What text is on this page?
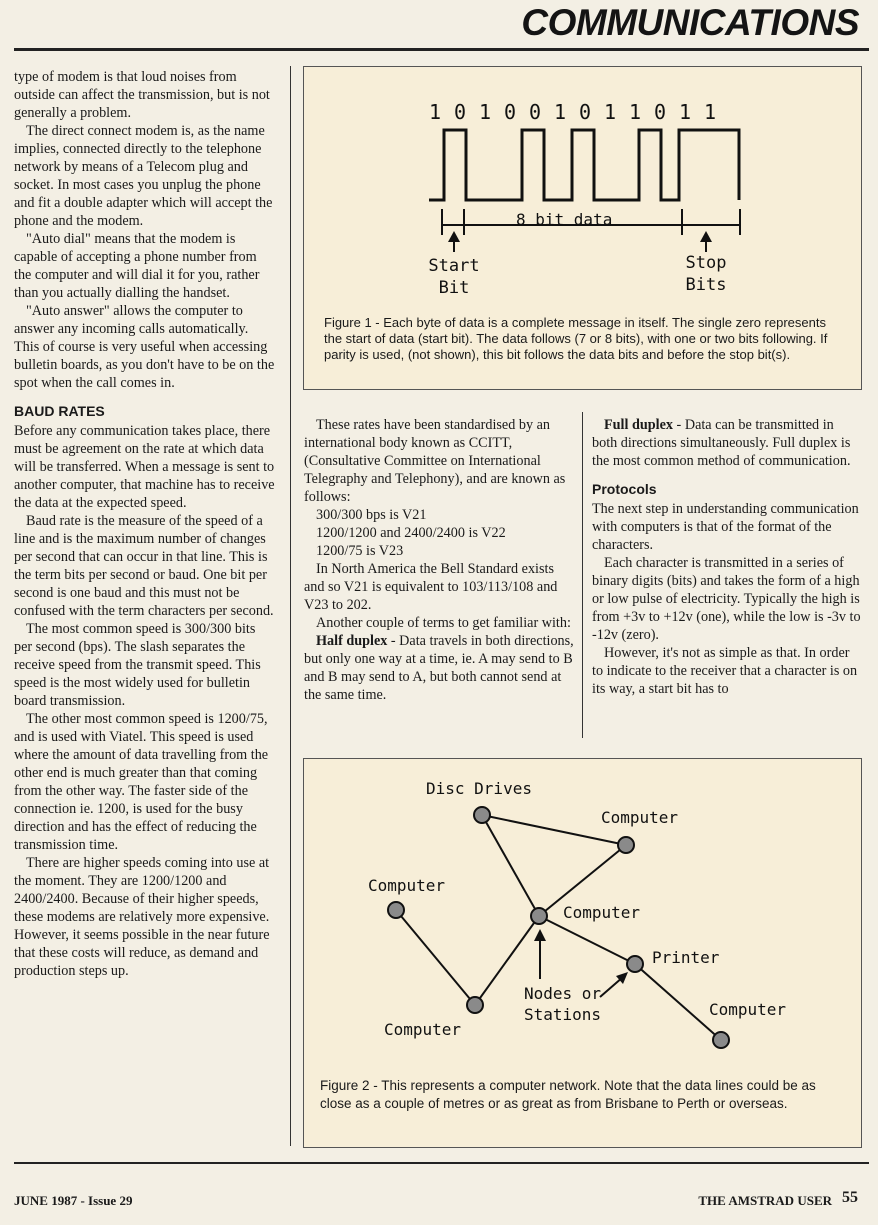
COMMUNICATIONS

type of modem is that loud noises from outside can affect the transmission, but is not generally a problem.

The direct connect modem is, as the name implies, connected directly to the telephone network by means of a Telecom plug and socket. In most cases you unplug the phone and fit a double adapter which will accept the phone and the modem.

"Auto dial" means that the modem is capable of accepting a phone number from the computer and will dial it for you, rather than you actually dialling the handset.

"Auto answer" allows the computer to answer any incoming calls automatically. This of course is very useful when accessing bulletin boards, as you don't have to be on the spot when the call comes in.

BAUD RATES

Before any communication takes place, there must be agreement on the rate at which data will be transferred. When a message is sent to another computer, that machine has to receive the data at the expected speed.

Baud rate is the measure of the speed of a line and is the maximum number of changes per second that can occur in that line. This is the term bits per second or baud. One bit per second is one baud and this must not be confused with the term characters per second.

The most common speed is 300/300 bits per second (bps). The slash separates the receive speed from the transmit speed. This speed is the most widely used for bulletin board transmission.

The other most common speed is 1200/75, and is used with Viatel. This speed is used where the amount of data travelling from the other end is much greater than that coming from the other way. The faster side of the connection ie. 1200, is used for the busy direction and has the effect of reducing the transmission time.

There are higher speeds coming into use at the moment. They are 1200/1200 and 2400/2400. Because of their higher speeds, these modems are relatively more expensive. However, it seems possible in the near future that these costs will reduce, as demand and production steps up.

1 0 1 0 0 1 0 1 1 0 1 1
8 bit data
Start
Bit
Stop
Bits
Figure 1 - Each byte of data is a complete message in itself. The single zero represents the start of data (start bit). The data follows (7 or 8 bits), with one or two bits following. If parity is used, (not shown), this bit follows the data bits and before the stop bit(s).

These rates have been standardised by an international body known as CCITT, (Consultative Committee on International Telegraphy and Telephony), and are known as follows:

300/300 bps is V21

1200/1200 and 2400/2400 is V22

1200/75 is V23

In North America the Bell Standard exists and so V21 is equivalent to 103/113/108 and V23 to 202.

Another couple of terms to get familiar with:

Half duplex - Data travels in both directions, but only one way at a time, ie. A may send to B and B may send to A, but both cannot send at the same time.

Full duplex - Data can be transmitted in both directions simultaneously. Full duplex is the most common method of communication.

Protocols

The next step in understanding communication with computers is that of the format of the characters.

Each character is transmitted in a series of binary digits (bits) and takes the form of a high or low pulse of electricity. Typically the high is from +3v to +12v (one), while the low is -3v to -12v (zero).

However, it's not as simple as that. In order to indicate to the receiver that a character is on its way, a start bit has to

Disc Drives
Computer
Computer
Computer
Printer
Nodes or
Stations
Computer
Computer
Figure 2 - This represents a computer network. Note that the data lines could be as close as a couple of metres or as great as from Brisbane to Perth or overseas.
JUNE 1987 - Issue 29	THE AMSTRAD USER 55
